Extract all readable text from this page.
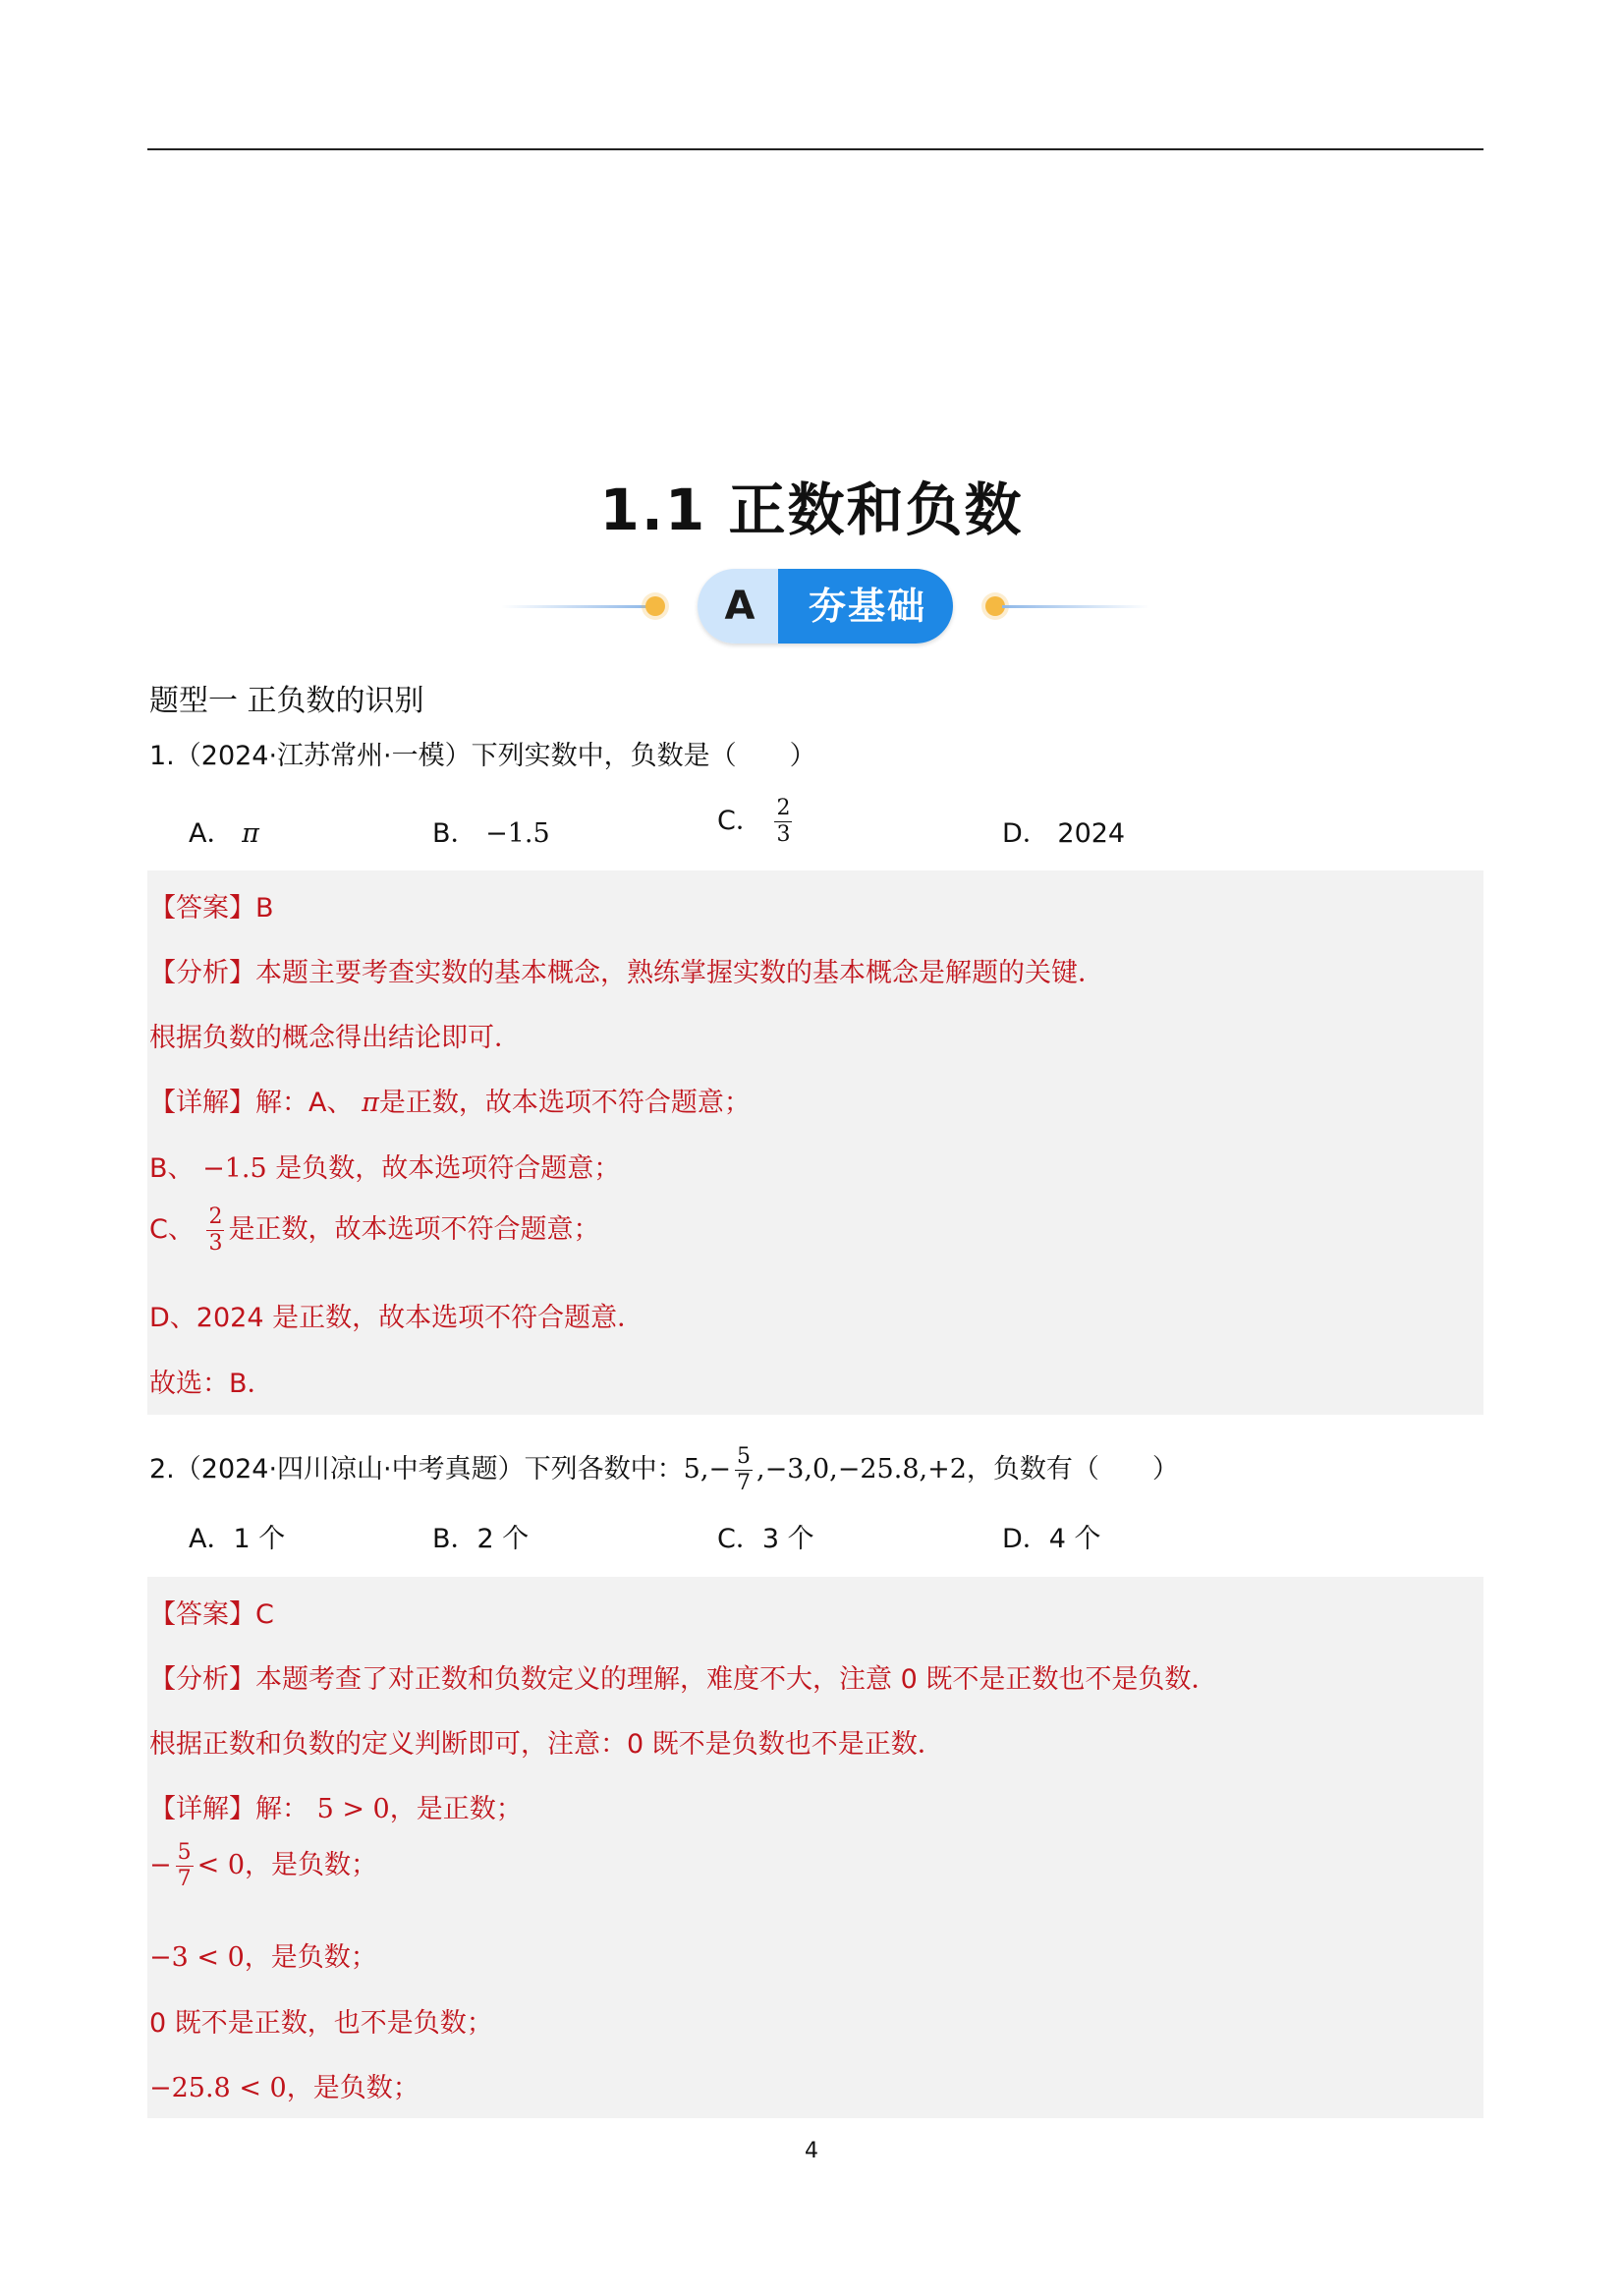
1.1 正数和负数
A	夯基础
题型一 正负数的识别
1.（2024·江苏常州·一模）下列实数中，负数是（　　）
A． π	B． −1.5	C． $\frac{2}{3}$	D． 2024
【答案】B
【分析】本题主要考查实数的基本概念，熟练掌握实数的基本概念是解题的关键．
根据负数的概念得出结论即可．
【详解】解：A、 π是正数，故本选项不符合题意；
B、 −1.5 是负数，故本选项符合题意；
C、 $\frac{2}{3}$ 是正数，故本选项不符合题意；
D、2024 是正数，故本选项不符合题意．
故选：B．
2.（2024·四川凉山·中考真题）下列各数中：$5,- \frac{5}{7} ,-3,0,-25.8,+2$，负数有（　　）
A．1 个	B．2 个	C．3 个	D．4 个
【答案】C
【分析】本题考查了对正数和负数定义的理解，难度不大，注意 0 既不是正数也不是负数．
根据正数和负数的定义判断即可，注意：0 既不是负数也不是正数．
【详解】解： 5 > 0，是正数；
− $\frac{5}{7} < 0$，是负数；
−3 < 0，是负数；
0 既不是正数，也不是负数；
−25.8 < 0，是负数；
4
